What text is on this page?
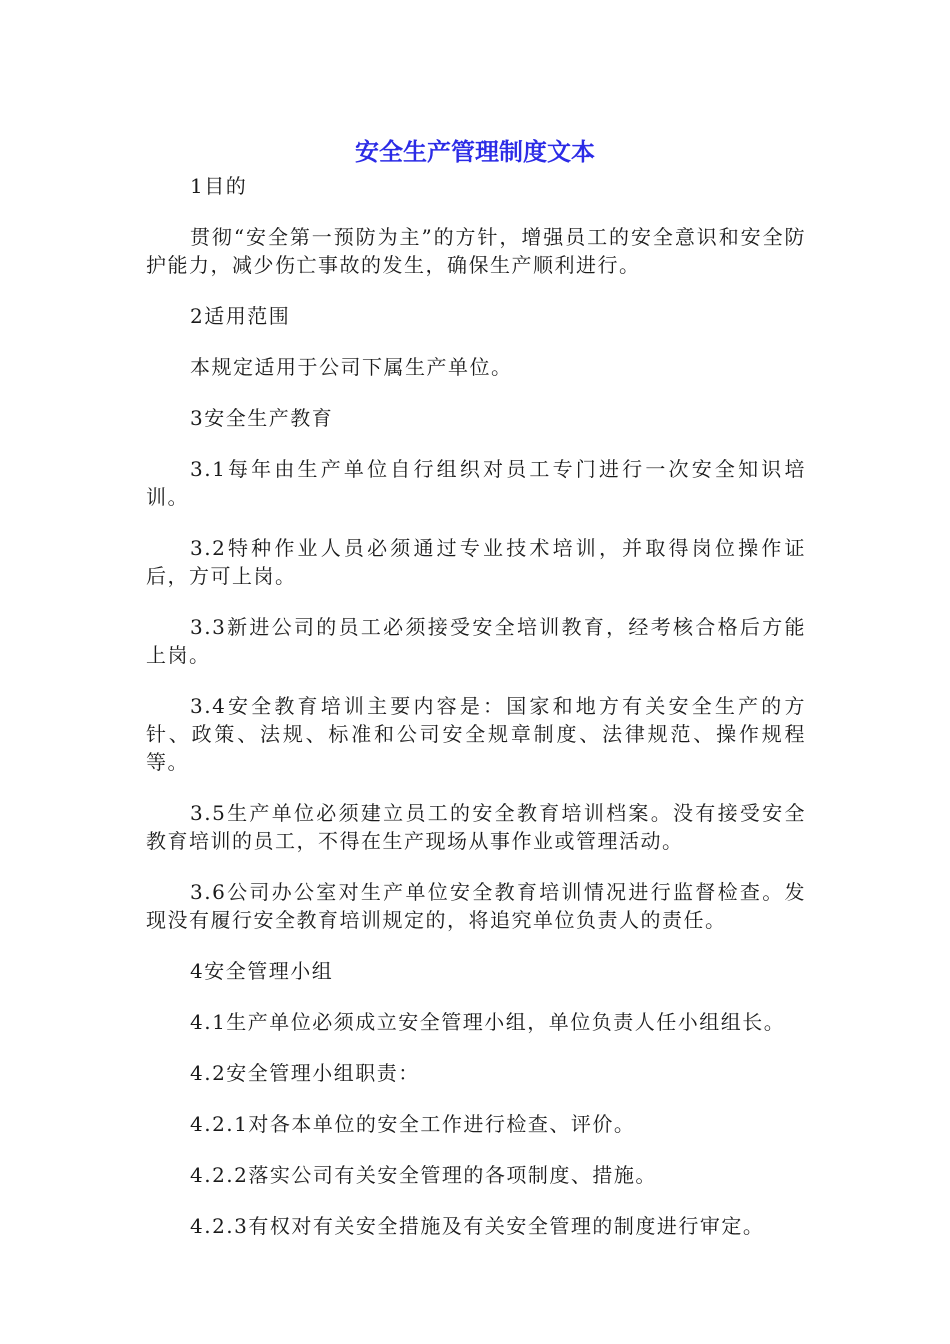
安全生产管理制度文本

1目的

贯彻“安全第一预防为主”的方针，增强员工的安全意识和安全防护能力，减少伤亡事故的发生，确保生产顺利进行。

2适用范围

本规定适用于公司下属生产单位。

3安全生产教育

3.1每年由生产单位自行组织对员工专门进行一次安全知识培训。

3.2特种作业人员必须通过专业技术培训，并取得岗位操作证后，方可上岗。

3.3新进公司的员工必须接受安全培训教育，经考核合格后方能上岗。

3.4安全教育培训主要内容是：国家和地方有关安全生产的方针、政策、法规、标准和公司安全规章制度、法律规范、操作规程等。

3.5生产单位必须建立员工的安全教育培训档案。没有接受安全教育培训的员工，不得在生产现场从事作业或管理活动。

3.6公司办公室对生产单位安全教育培训情况进行监督检查。发现没有履行安全教育培训规定的，将追究单位负责人的责任。

4安全管理小组

4.1生产单位必须成立安全管理小组，单位负责人任小组组长。

4.2安全管理小组职责：

4.2.1对各本单位的安全工作进行检查、评价。

4.2.2落实公司有关安全管理的各项制度、措施。

4.2.3有权对有关安全措施及有关安全管理的制度进行审定。
